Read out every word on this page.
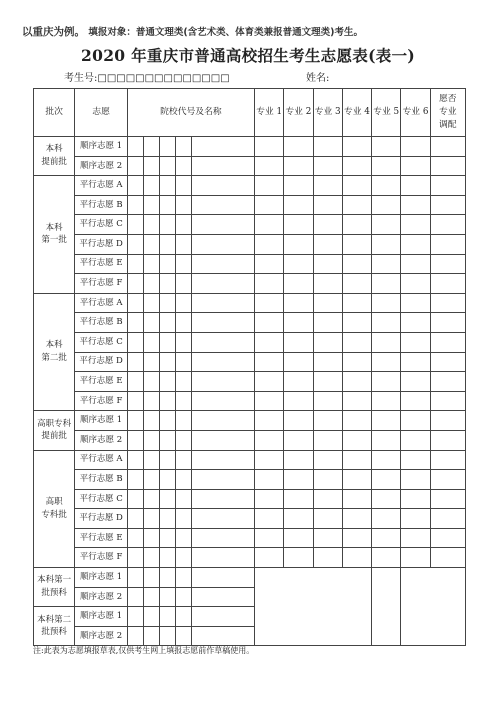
以重庆为例。 填报对象：普通文理类(含艺术类、体育类兼报普通文理类)考生。
2020 年重庆市普通高校招生考生志愿表(表一)
考生号:□□□□□□□□□□□□□□	姓名:
批次	志愿	院校代号及名称					专业 1	专业 2	专业 3	专业 4	专业 5	专业 6	愿否
专业
调配
本科
提前批	顺序志愿 1												
	顺序志愿 2												
本科
第一批	平行志愿 A												
	平行志愿 B												
	平行志愿 C												
	平行志愿 D												
	平行志愿 E												
	平行志愿 F												
本科
第二批	平行志愿 A												
	平行志愿 B												
	平行志愿 C												
	平行志愿 D												
	平行志愿 E												
	平行志愿 F												
高职专科
提前批	顺序志愿 1												
	顺序志愿 2												
高职
专科批	平行志愿 A												
	平行志愿 B												
	平行志愿 C												
	平行志愿 D												
	平行志愿 E												
	平行志愿 F												
本科第一
批预科	顺序志愿 1												
	顺序志愿 2												
本科第二
批预科	顺序志愿 1												
	顺序志愿 2												
注:此表为志愿填报草表,仅供考生网上填报志愿前作草稿使用。
